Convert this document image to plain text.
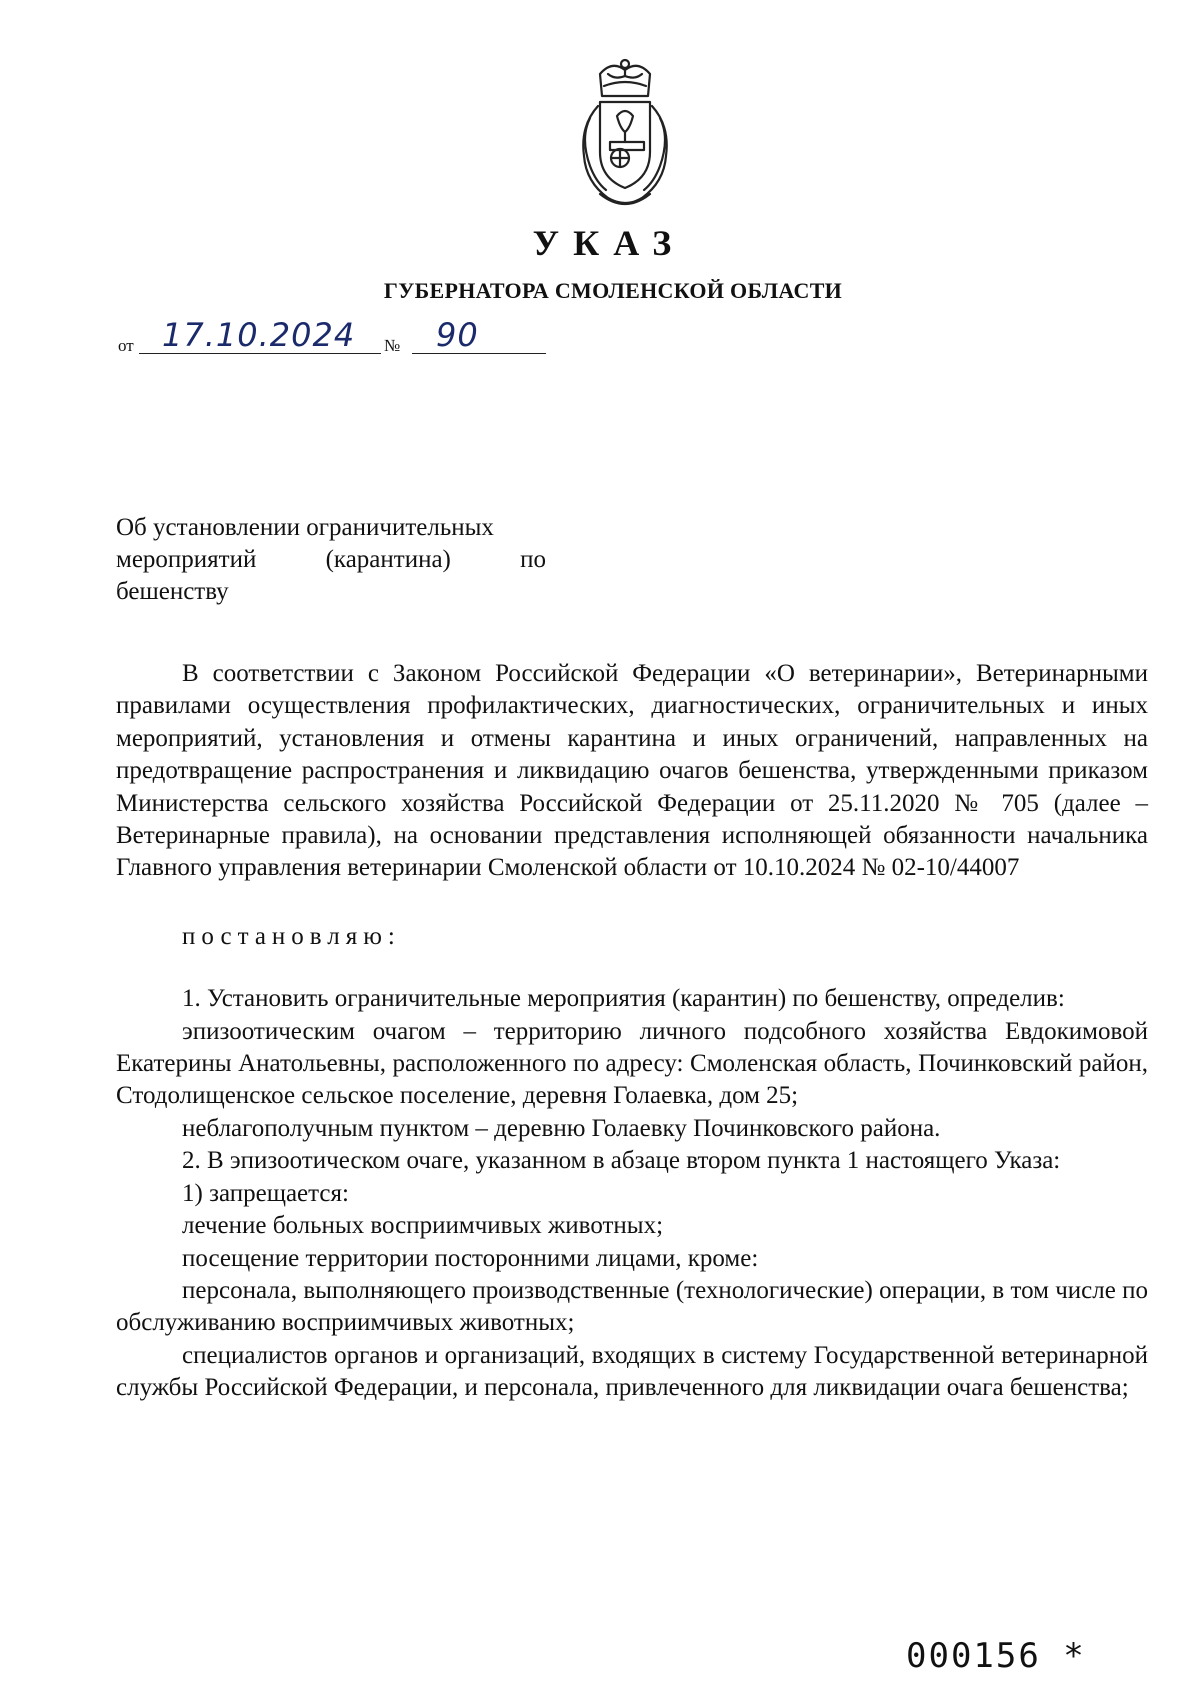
УКАЗ
ГУБЕРНАТОРА СМОЛЕНСКОЙ ОБЛАСТИ
от 17.10.2024 № 90
Об установлении ограничительных
мероприятий (карантина) по
бешенству

В соответствии с Законом Российской Федерации «О ветеринарии», Ветеринарными правилами осуществления профилактических, диагностических, ограничительных и иных мероприятий, установления и отмены карантина и иных ограничений, направленных на предотвращение распространения и ликвидацию очагов бешенства, утвержденными приказом Министерства сельского хозяйства Российской Федерации от 25.11.2020 № 705 (далее – Ветеринарные правила), на основании представления исполняющей обязанности начальника Главного управления ветеринарии Смоленской области от 10.10.2024 № 02-10/44007

постановляю:

1. Установить ограничительные мероприятия (карантин) по бешенству, определив:

эпизоотическим очагом – территорию личного подсобного хозяйства Евдокимовой Екатерины Анатольевны, расположенного по адресу: Смоленская область, Починковский район, Стодолищенское сельское поселение, деревня Голаевка, дом 25;

неблагополучным пунктом – деревню Голаевку Починковского района.

2. В эпизоотическом очаге, указанном в абзаце втором пункта 1 настоящего Указа:

1) запрещается:

лечение больных восприимчивых животных;

посещение территории посторонними лицами, кроме:

персонала, выполняющего производственные (технологические) операции, в том числе по обслуживанию восприимчивых животных;

специалистов органов и организаций, входящих в систему Государственной ветеринарной службы Российской Федерации, и персонала, привлеченного для ликвидации очага бешенства;

000156 *
